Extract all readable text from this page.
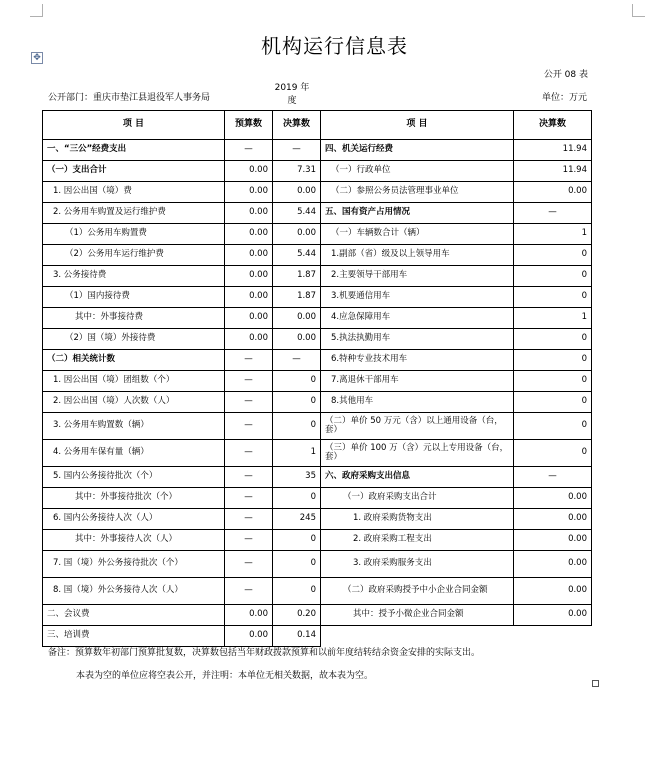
✥	机构运行信息表
公开 08 表
公开部门：重庆市垫江县退役军人事务局
2019 年
度	单位：万元
项 目	预算数	决算数	项 目	决算数
一、“三公”经费支出	—	—	四、机关运行经费	11.94
（一）支出合计	0.00	7.31	（一）行政单位	11.94
1. 因公出国（境）费	0.00	0.00	（二）参照公务员法管理事业单位	0.00
2. 公务用车购置及运行维护费	0.00	5.44	五、国有资产占用情况	—
（1）公务用车购置费	0.00	0.00	（一）车辆数合计（辆）	1
（2）公务用车运行维护费	0.00	5.44	1.副部（省）级及以上领导用车	0
3. 公务接待费	0.00	1.87	2.主要领导干部用车	0
（1）国内接待费	0.00	1.87	3.机要通信用车	0
其中：外事接待费	0.00	0.00	4.应急保障用车	1
（2）国（境）外接待费	0.00	0.00	5.执法执勤用车	0
（二）相关统计数	—	—	6.特种专业技术用车	0
1. 因公出国（境）团组数（个）	—	0	7.离退休干部用车	0
2. 因公出国（境）人次数（人）	—	0	8.其他用车	0
3. 公务用车购置数（辆）	—	0	（二）单价 50 万元（含）以上通用设备（台，套）	0
4. 公务用车保有量（辆）	—	1	（三）单价 100 万（含）元以上专用设备（台，套）	0
5. 国内公务接待批次（个）	—	35	六、政府采购支出信息	—
其中：外事接待批次（个）	—	0	（一）政府采购支出合计	0.00
6. 国内公务接待人次（人）	—	245	1. 政府采购货物支出	0.00
其中：外事接待人次（人）	—	0	2. 政府采购工程支出	0.00
7. 国（境）外公务接待批次（个）	—	0	3. 政府采购服务支出	0.00
8. 国（境）外公务接待人次（人）	—	0	（二）政府采购授予中小企业合同金额	0.00
二、会议费	0.00	0.20	其中：授予小微企业合同金额	0.00
三、培训费	0.00	0.14		
备注：预算数年初部门预算批复数，决算数包括当年财政拨款预算和以前年度结转结余资金安排的实际支出。
本表为空的单位应将空表公开，并注明：本单位无相关数据，故本表为空。
